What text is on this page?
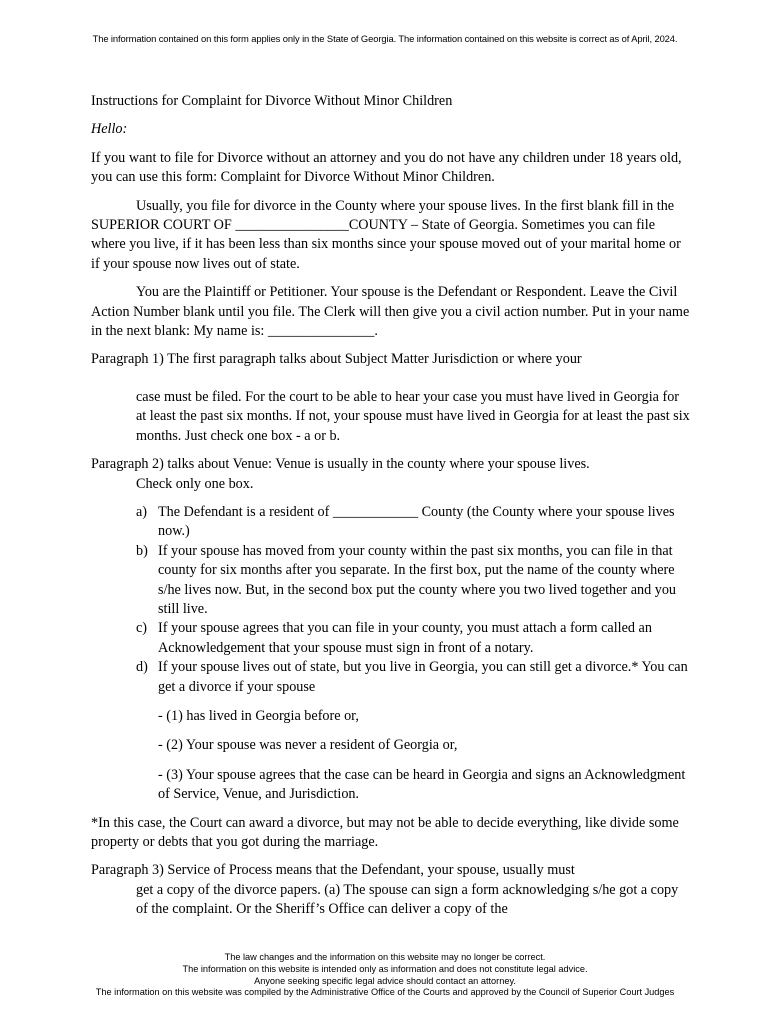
The information contained on this form applies only in the State of Georgia. The information contained on this website is correct as of April, 2024.

Instructions for Complaint for Divorce Without Minor Children

Hello:

If you want to file for Divorce without an attorney and you do not have any children under 18 years old, you can use this form: Complaint for Divorce Without Minor Children.

Usually, you file for divorce in the County where your spouse lives. In the first blank fill in the SUPERIOR COURT OF ________________COUNTY – State of Georgia. Sometimes you can file where you live, if it has been less than six months since your spouse moved out of your marital home or if your spouse now lives out of state.

You are the Plaintiff or Petitioner. Your spouse is the Defendant or Respondent. Leave the Civil Action Number blank until you file. The Clerk will then give you a civil action number. Put in your name in the next blank: My name is: _______________.

Paragraph 1) The first paragraph talks about Subject Matter Jurisdiction or where your

case must be filed. For the court to be able to hear your case you must have lived in Georgia for at least the past six months. If not, your spouse must have lived in Georgia for at least the past six months. Just check one box - a or b.

Paragraph 2) talks about Venue: Venue is usually in the county where your spouse lives.

Check only one box.

a) The Defendant is a resident of ____________ County (the County where your spouse lives now.)
b) If your spouse has moved from your county within the past six months, you can file in that county for six months after you separate. In the first box, put the name of the county where s/he lives now. But, in the second box put the county where you two lived together and you still live.
c) If your spouse agrees that you can file in your county, you must attach a form called an Acknowledgement that your spouse must sign in front of a notary.
d) If your spouse lives out of state, but you live in Georgia, you can still get a divorce.* You can get a divorce if your spouse

- (1) has lived in Georgia before or,

- (2) Your spouse was never a resident of Georgia or,

- (3) Your spouse agrees that the case can be heard in Georgia and signs an Acknowledgment of Service, Venue, and Jurisdiction.

*In this case, the Court can award a divorce, but may not be able to decide everything, like divide some property or debts that you got during the marriage.

Paragraph 3) Service of Process means that the Defendant, your spouse, usually must

get a copy of the divorce papers. (a) The spouse can sign a form acknowledging s/he got a copy of the complaint. Or the Sheriff’s Office can deliver a copy of the

The law changes and the information on this website may no longer be correct.
The information on this website is intended only as information and does not constitute legal advice.
Anyone seeking specific legal advice should contact an attorney.
The information on this website was compiled by the Administrative Office of the Courts and approved by the Council of Superior Court Judges
